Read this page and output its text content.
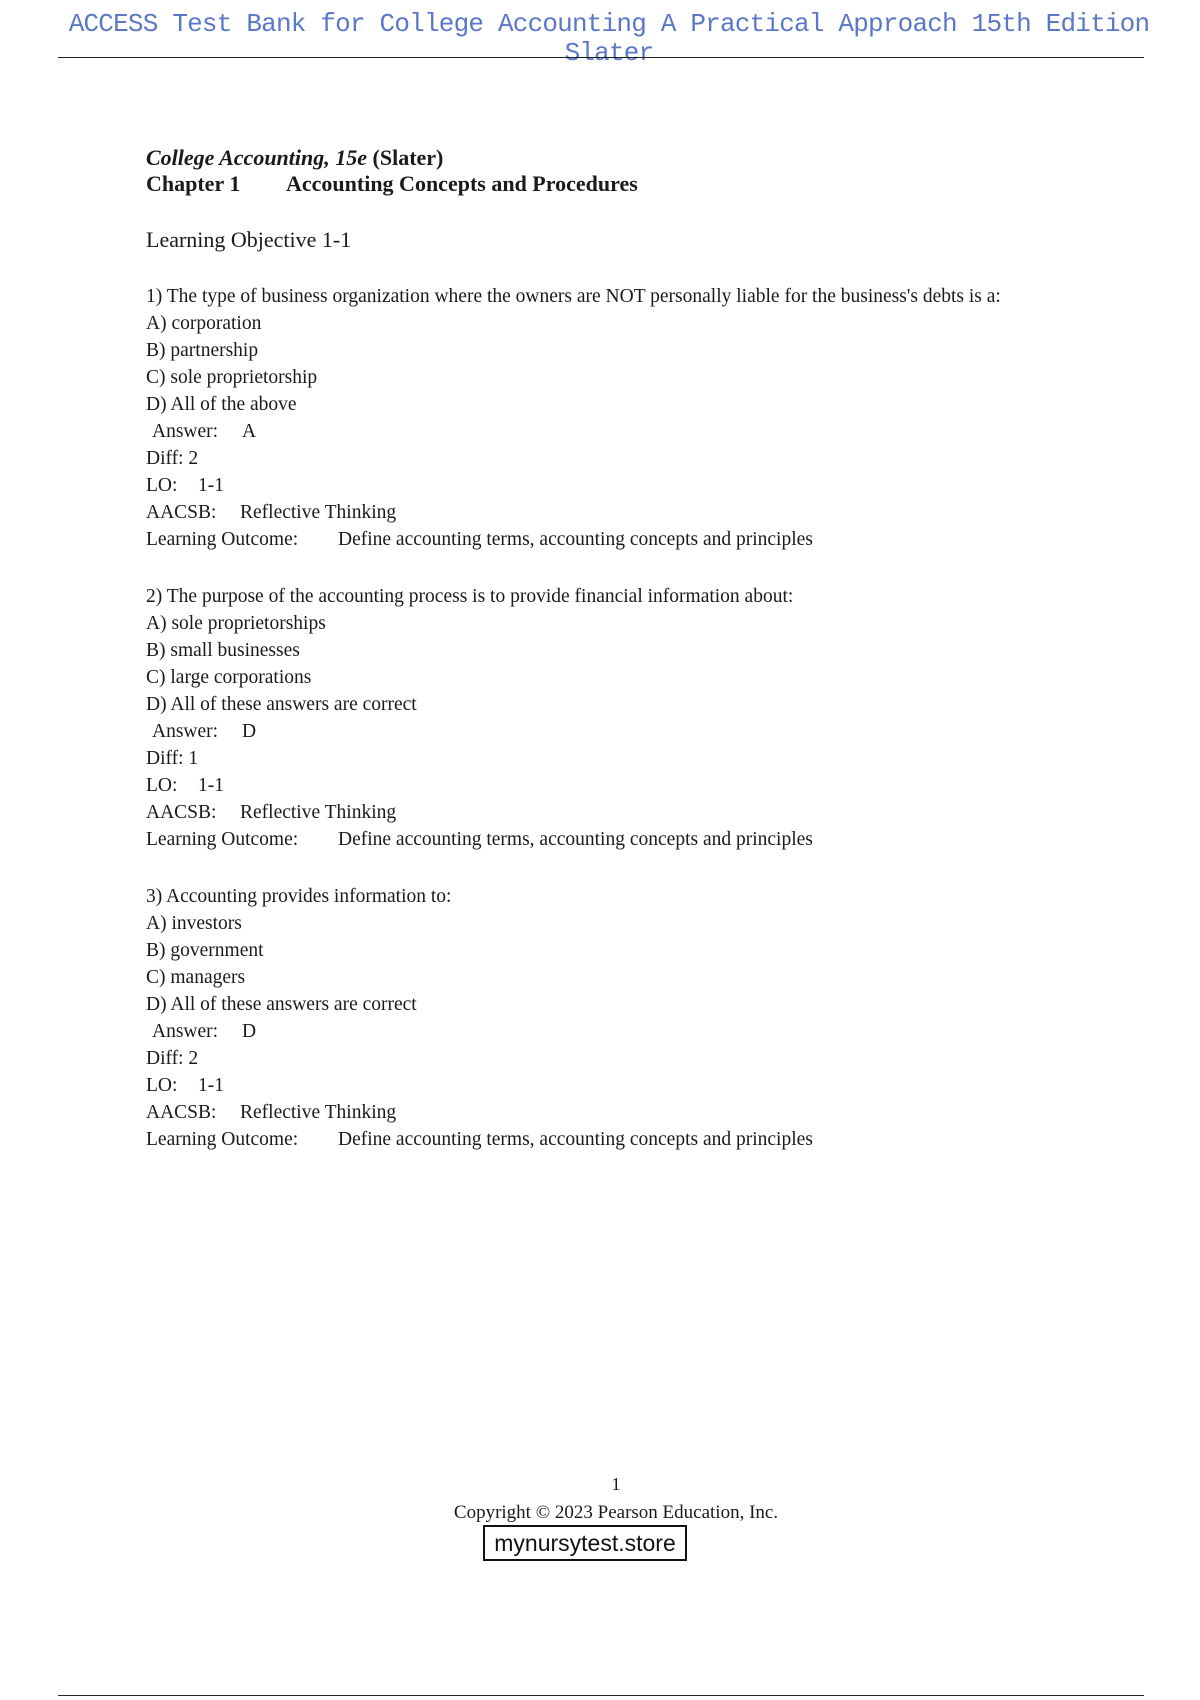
ACCESS Test Bank for College Accounting A Practical Approach 15th Edition Slater
College Accounting, 15e (Slater)
Chapter 1 Accounting Concepts and Procedures
Learning Objective 1-1
1) The type of business organization where the owners are NOT personally liable for the business's debts is a:
A) corporation
B) partnership
C) sole proprietorship
D) All of the above
Answer: A
Diff: 2
LO: 1-1
AACSB: Reflective Thinking
Learning Outcome: Define accounting terms, accounting concepts and principles
2) The purpose of the accounting process is to provide financial information about:
A) sole proprietorships
B) small businesses
C) large corporations
D) All of these answers are correct
Answer: D
Diff: 1
LO: 1-1
AACSB: Reflective Thinking
Learning Outcome: Define accounting terms, accounting concepts and principles
3) Accounting provides information to:
A) investors
B) government
C) managers
D) All of these answers are correct
Answer: D
Diff: 2
LO: 1-1
AACSB: Reflective Thinking
Learning Outcome: Define accounting terms, accounting concepts and principles
1
Copyright © 2023 Pearson Education, Inc.
mynursytest.store
